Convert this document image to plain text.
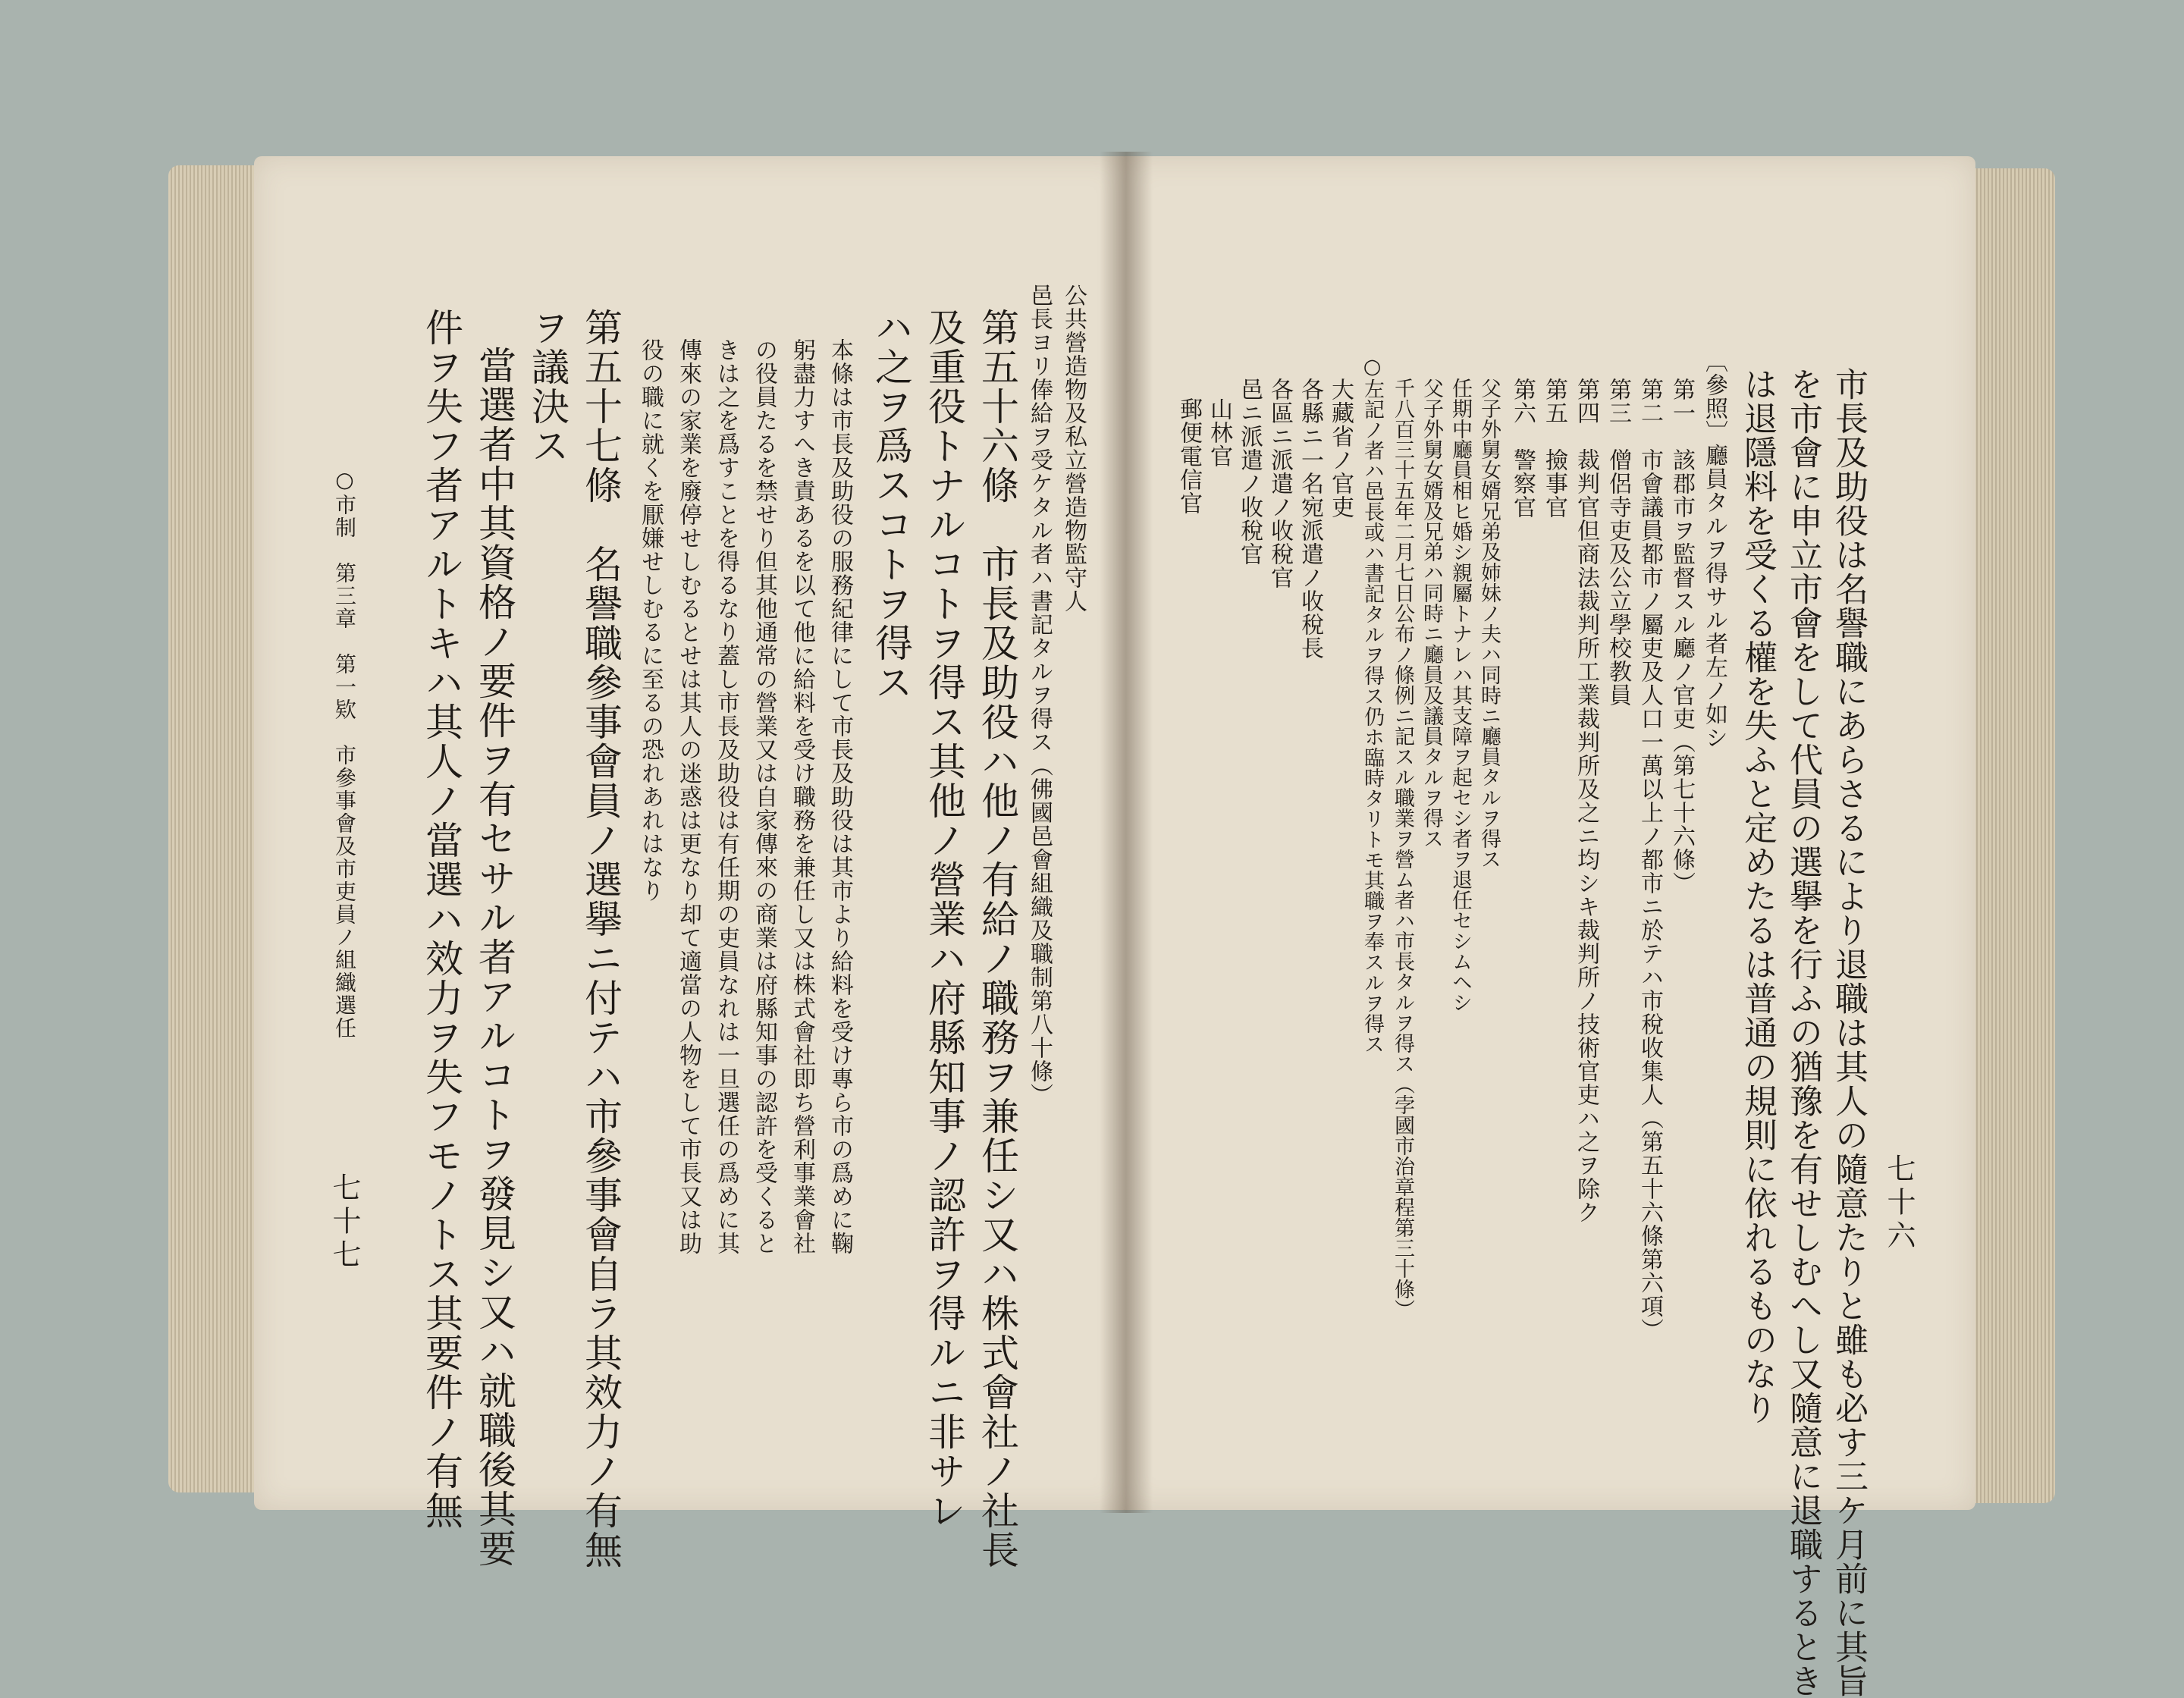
公共營造物及私立營造物監守人
邑長ヨリ俸給ヲ受ケタル者ハ書記タルヲ得ス（佛國邑會組織及職制第八十條）
第五十六條　市長及助役ハ他ノ有給ノ職務ヲ兼任シ又ハ株式會社ノ社長
及重役トナルコトヲ得ス其他ノ營業ハ府縣知事ノ認許ヲ得ルニ非サレ
ハ之ヲ爲スコトヲ得ス
本條は市長及助役の服務紀律にして市長及助役は其市より給料を受け專ら市の爲めに鞠
躬盡力すへき責あるを以て他に給料を受け職務を兼任し又は株式會社即ち營利事業會社
の役員たるを禁せり但其他通常の營業又は自家傳來の商業は府縣知事の認許を受くると
きは之を爲すことを得るなり蓋し市長及助役は有任期の吏員なれは一旦選任の爲めに其
傳來の家業を廢停せしむるとせは其人の迷惑は更なり却て適當の人物をして市長又は助
役の職に就くを厭嫌せしむるに至るの恐れあれはなり
第五十七條　名譽職參事會員ノ選擧ニ付テハ市參事會自ラ其效力ノ有無
ヲ議決ス
當選者中其資格ノ要件ヲ有セサル者アルコトヲ發見シ又ハ就職後其要
件ヲ失フ者アルトキハ其人ノ當選ハ效力ヲ失フモノトス其要件ノ有無
○市制　第三章　第一欵　市參事會及市吏員ノ組織選任
七十七	七十六
市長及助役は名譽職にあらさるにより退職は其人の隨意たりと雖も必す三ケ月前に其旨
を市會に申立市會をして代員の選擧を行ふの猶豫を有せしむへし又隨意に退職するとき
は退隱料を受くる權を失ふと定めたるは普通の規則に依れるものなり
〔參照〕廳員タルヲ得サル者左ノ如シ
第一　該郡市ヲ監督スル廳ノ官吏（第七十六條）
第二　市會議員都市ノ屬吏及人口一萬以上ノ都市ニ於テハ市稅收集人（第五十六條第六項）
第三　僧侶寺吏及公立學校教員
第四　裁判官但商法裁判所工業裁判所及之ニ均シキ裁判所ノ技術官吏ハ之ヲ除ク
第五　撿事官
第六　警察官
父子外舅女婿兄弟及姉妹ノ夫ハ同時ニ廳員タルヲ得ス
任期中廳員相ヒ婚シ親屬トナレハ其支障ヲ起セシ者ヲ退任セシムヘシ
父子外舅女婿及兄弟ハ同時ニ廳員及議員タルヲ得ス
千八百三十五年二月七日公布ノ條例ニ記スル職業ヲ營ム者ハ市長タルヲ得ス（孛國市治章程第三十條）
○左記ノ者ハ邑長或ハ書記タルヲ得ス仍ホ臨時タリトモ其職ヲ奉スルヲ得ス
大藏省ノ官吏
各縣ニ一名宛派遣ノ收稅長
各區ニ派遣ノ收稅官
邑ニ派遣ノ收稅官
山林官
郵便電信官
